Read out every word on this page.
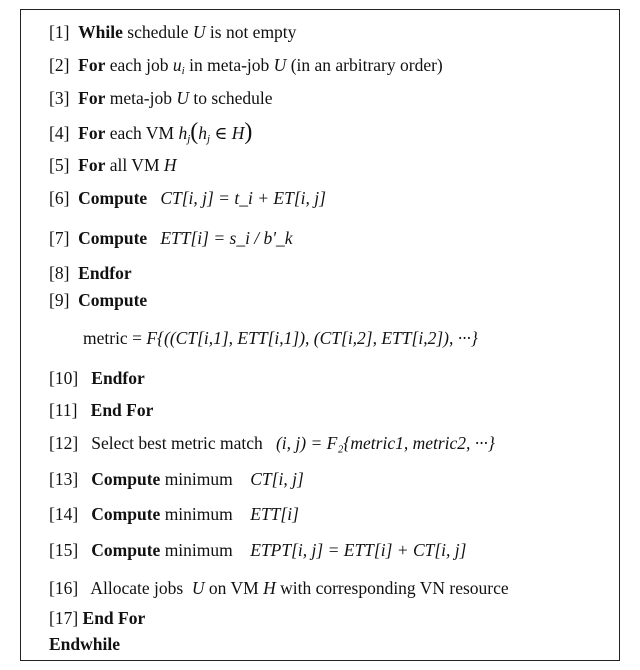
[1] While schedule U is not empty
[2] For each job $u_i$ in meta-job U (in an arbitrary order)
[3] For meta-job U to schedule
[4] For each VM $h_j(h_j$ ∈ H)
[5] For all VM H
[6] Compute CT[i, j] = t_i + ET[i, j]
[7] Compute ETT[i] = s_i / b'_k
[8] Endfor
[9] Compute
metric = F{((CT[i,1], ETT[i,1]), (CT[i,2], ETT[i,2]), ···}
[10] Endfor
[11] End For
[12] Select best metric match (i, j) = F₂{metric1, metric2, ···}
[13] Compute minimum CT[i, j]
[14] Compute minimum ETT[i]
[15] Compute minimum ETPT[i, j] = ETT[i] + CT[i, j]
[16] Allocate jobs U on VM H with corresponding VN resource
[17] End For
Endwhile
